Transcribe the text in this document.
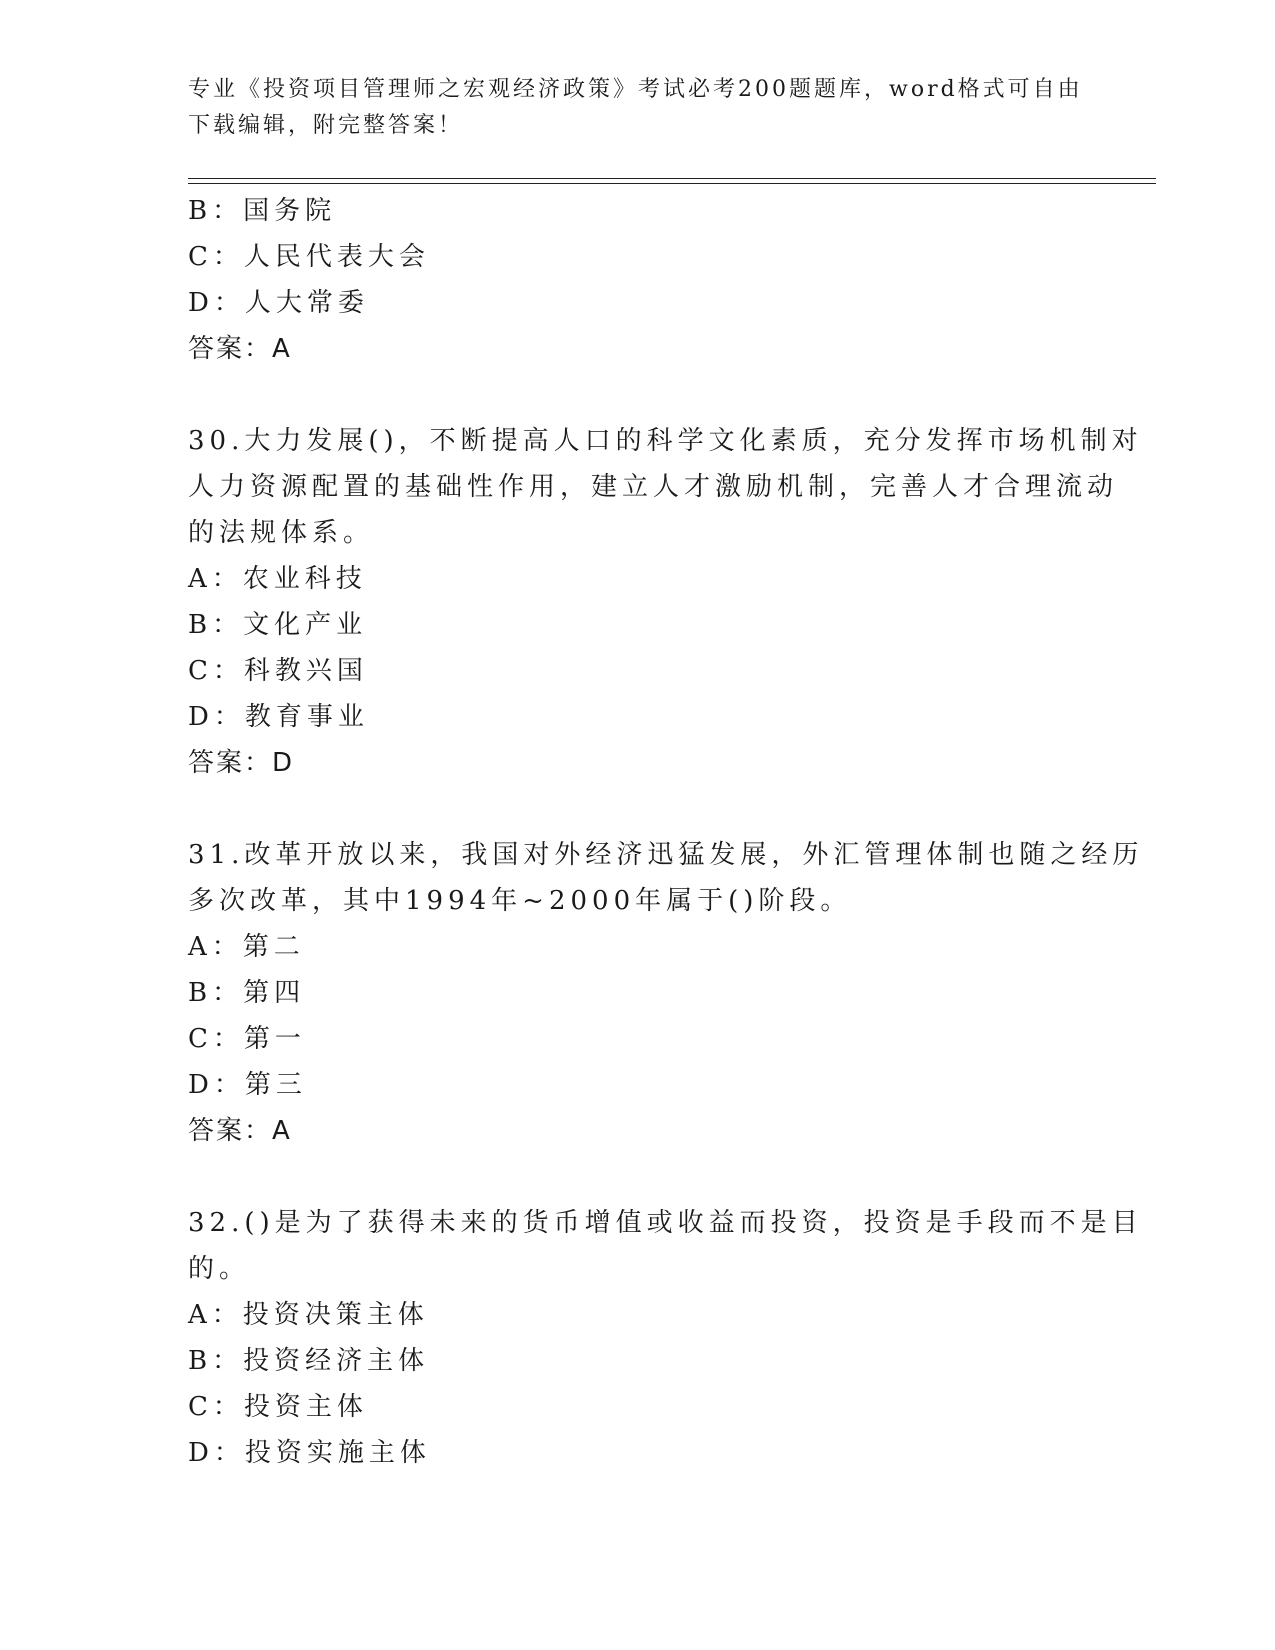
专业《投资项目管理师之宏观经济政策》考试必考200题题库，word格式可自由
下载编辑，附完整答案！
B：国务院
C：人民代表大会
D：人大常委
答案：A
30.大力发展()，不断提高人口的科学文化素质，充分发挥市场机制对
人力资源配置的基础性作用，建立人才激励机制，完善人才合理流动
的法规体系。
A：农业科技
B：文化产业
C：科教兴国
D：教育事业
答案：D
31.改革开放以来，我国对外经济迅猛发展，外汇管理体制也随之经历
多次改革，其中1994年~2000年属于()阶段。
A：第二
B：第四
C：第一
D：第三
答案：A
32.()是为了获得未来的货币增值或收益而投资，投资是手段而不是目
的。
A：投资决策主体
B：投资经济主体
C：投资主体
D：投资实施主体
